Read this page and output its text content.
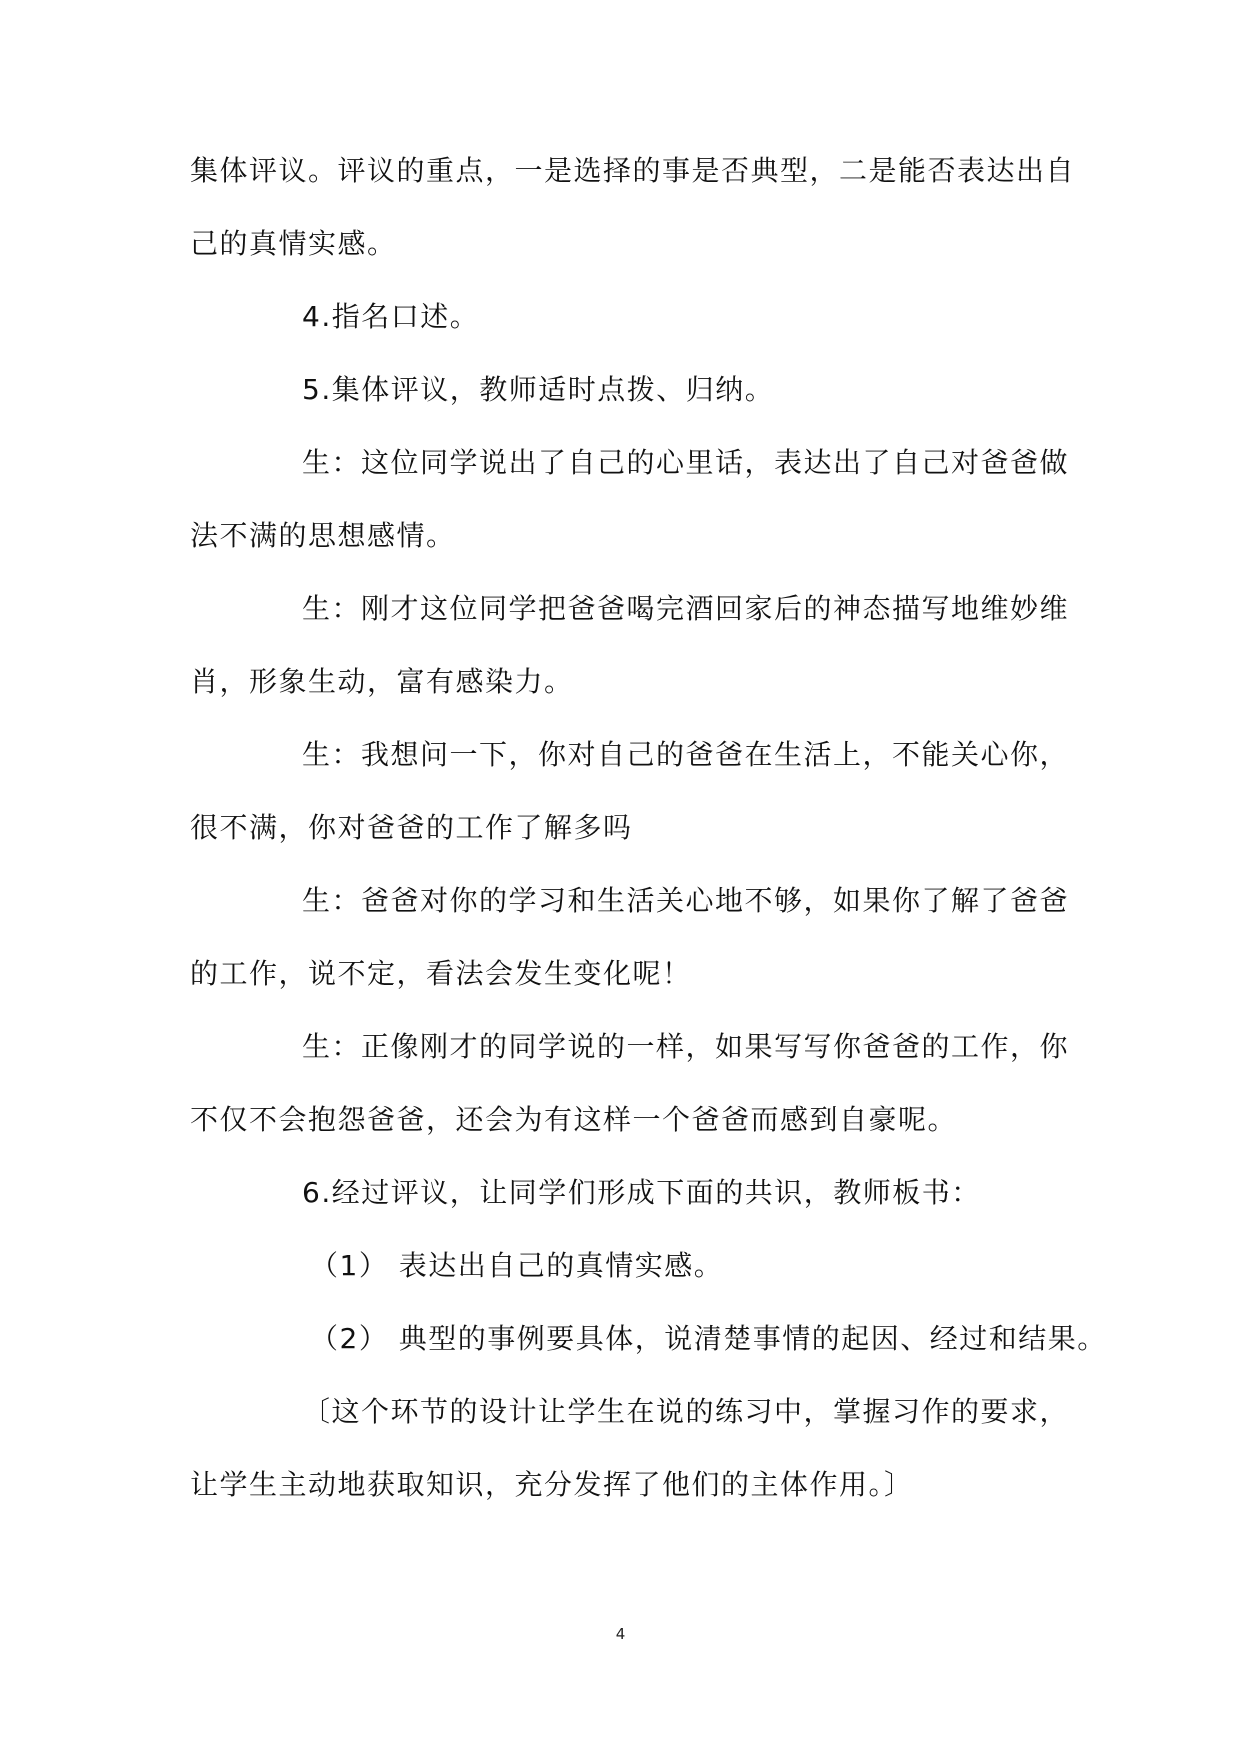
集体评议。评议的重点，一是选择的事是否典型，二是能否表达出自
己的真情实感。
4.指名口述。
5.集体评议，教师适时点拨、归纳。
生：这位同学说出了自己的心里话，表达出了自己对爸爸做
法不满的思想感情。
生：刚才这位同学把爸爸喝完酒回家后的神态描写地维妙维
肖，形象生动，富有感染力。
生：我想问一下，你对自己的爸爸在生活上，不能关心你，
很不满，你对爸爸的工作了解多吗
生：爸爸对你的学习和生活关心地不够，如果你了解了爸爸
的工作，说不定，看法会发生变化呢！
生：正像刚才的同学说的一样，如果写写你爸爸的工作，你
不仅不会抱怨爸爸，还会为有这样一个爸爸而感到自豪呢。
6.经过评议，让同学们形成下面的共识，教师板书：
（1） 表达出自己的真情实感。
（2） 典型的事例要具体，说清楚事情的起因、经过和结果。
〔这个环节的设计让学生在说的练习中，掌握习作的要求，
让学生主动地获取知识，充分发挥了他们的主体作用。〕
4
